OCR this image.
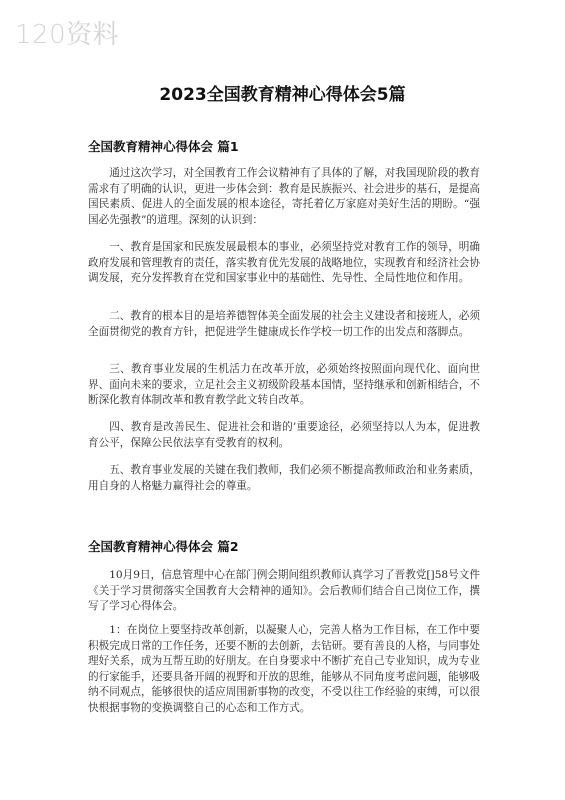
120资料
2023全国教育精神心得体会5篇
全国教育精神心得体会 篇1

通过这次学习，对全国教育工作会议精神有了具体的了解，对我国现阶段的教育需求有了明确的认识，更进一步体会到：教育是民族振兴、社会进步的基石，是提高国民素质、促进人的全面发展的根本途径，寄托着亿万家庭对美好生活的期盼。“强国必先强教”的道理。深刻的认识到：

一、教育是国家和民族发展最根本的事业，必须坚持党对教育工作的领导，明确政府发展和管理教育的责任，落实教育优先发展的战略地位，实现教育和经济社会协调发展，充分发挥教育在党和国家事业中的基础性、先导性、全局性地位和作用。

二、教育的根本目的是培养德智体美全面发展的社会主义建设者和接班人，必须全面贯彻党的教育方针，把促进学生健康成长作学校一切工作的出发点和落脚点。

三、教育事业发展的生机活力在改革开放，必须始终按照面向现代化、面向世界、面向未来的要求，立足社会主义初级阶段基本国情，坚持继承和创新相结合，不断深化教育体制改革和教育教学此文转自改革。

四、教育是改善民生、促进社会和谐的’重要途径，必须坚持以人为本，促进教育公平，保障公民依法享有受教育的权利。

五、教育事业发展的关键在我们教师，我们必须不断提高教师政治和业务素质，用自身的人格魅力赢得社会的尊重。

全国教育精神心得体会 篇2

10月9日，信息管理中心在部门例会期间组织教师认真学习了晋教党[]58号文件《关于学习贯彻落实全国教育大会精神的通知》。会后教师们结合自己岗位工作，撰写了学习心得体会。

1：在岗位上要坚持改革创新，以凝聚人心，完善人格为工作目标，在工作中要积极完成日常的工作任务，还要不断的去创新，去钻研。要有善良的人格，与同事处理好关系，成为互帮互助的好朋友。在自身要求中不断扩充自己专业知识，成为专业的行家能手，还要具备开阔的视野和开放的思维，能够从不同角度考虑问题，能够吸纳不同观点，能够很快的适应周围新事物的改变，不受以往工作经验的束缚，可以很快根据事物的变换调整自己的心态和工作方式。
